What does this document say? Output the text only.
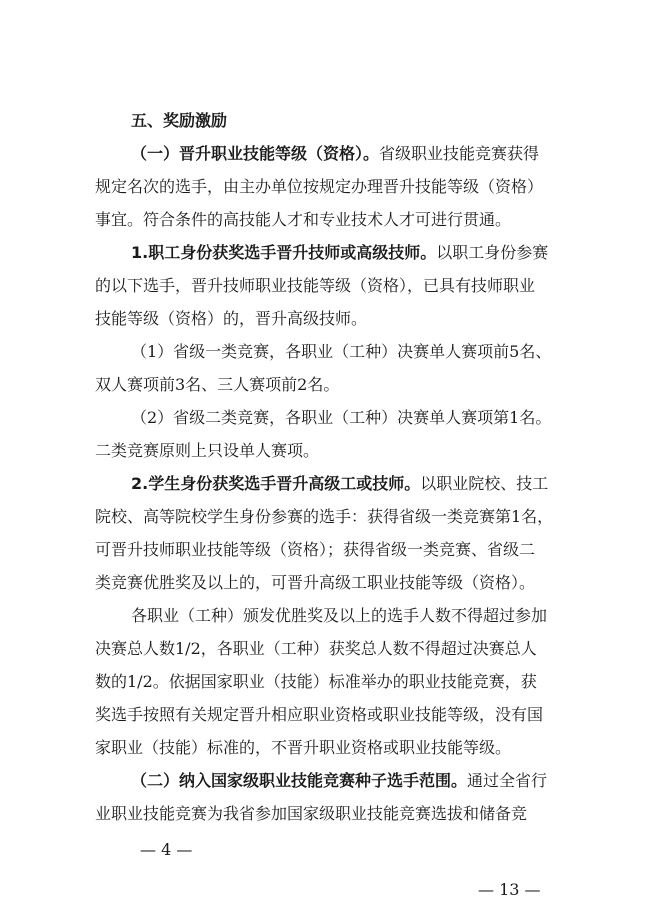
五、奖励激励
（一）晋升职业技能等级（资格）。省级职业技能竞赛获得
规定名次的选手，由主办单位按规定办理晋升技能等级（资格）
事宜。符合条件的高技能人才和专业技术人才可进行贯通。
1.职工身份获奖选手晋升技师或高级技师。以职工身份参赛
的以下选手，晋升技师职业技能等级（资格），已具有技师职业
技能等级（资格）的，晋升高级技师。
（1）省级一类竞赛，各职业（工种）决赛单人赛项前5名、
双人赛项前3名、三人赛项前2名。
（2）省级二类竞赛，各职业（工种）决赛单人赛项第1名。
二类竞赛原则上只设单人赛项。
2.学生身份获奖选手晋升高级工或技师。以职业院校、技工
院校、高等院校学生身份参赛的选手：获得省级一类竞赛第1名，
可晋升技师职业技能等级（资格）；获得省级一类竞赛、省级二
类竞赛优胜奖及以上的，可晋升高级工职业技能等级（资格）。
各职业（工种）颁发优胜奖及以上的选手人数不得超过参加
决赛总人数1/2，各职业（工种）获奖总人数不得超过决赛总人
数的1/2。依据国家职业（技能）标准举办的职业技能竞赛，获
奖选手按照有关规定晋升相应职业资格或职业技能等级，没有国
家职业（技能）标准的，不晋升职业资格或职业技能等级。
（二）纳入国家级职业技能竞赛种子选手范围。通过全省行
业职业技能竞赛为我省参加国家级职业技能竞赛选拔和储备竞
— 4 —
— 13 —
